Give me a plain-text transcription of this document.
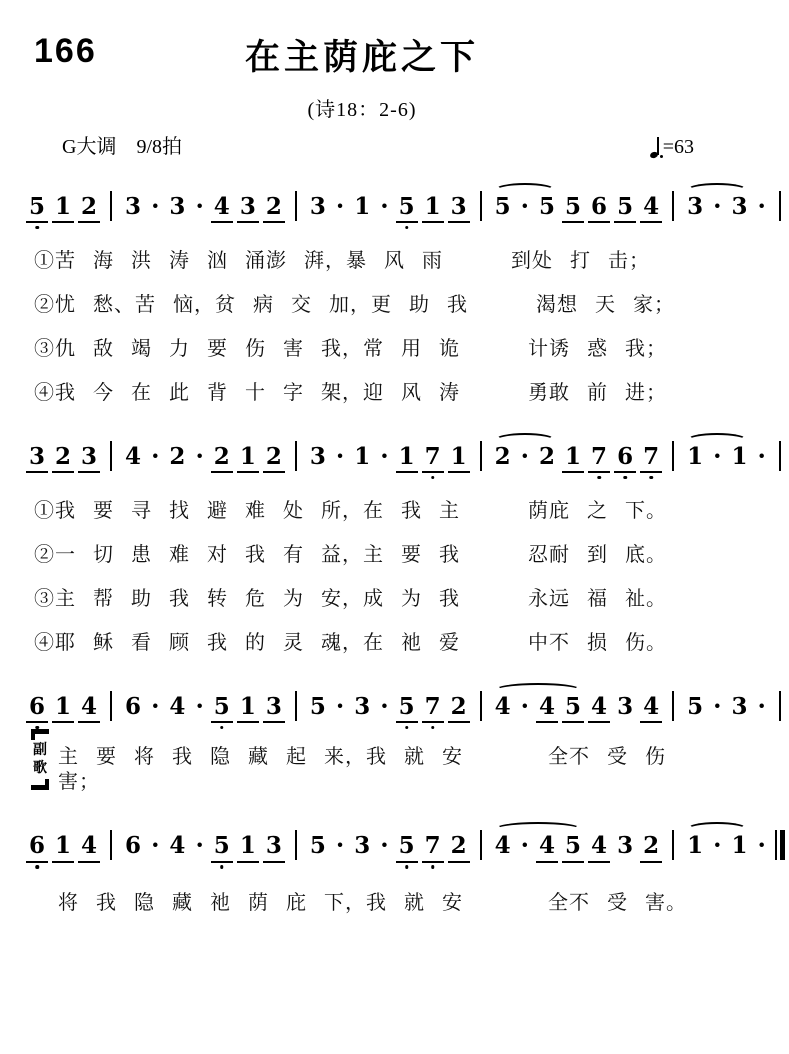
166	在主荫庇之下
(诗18：2-6)
G大调　9/8拍	=63
5 1 2 3 · 3 · 4 3 2 3 · 1 · 5 1 3 5 · 5 5 6 5 4 3 · 3 ·
①苦 海 洪 涛 汹 涌澎 湃，暴 风 雨    到处 打 击；
②忧 愁、苦 恼，贫 病 交 加，更 助 我    渴想 天 家；
③仇 敌 竭 力 要 伤 害 我，常 用 诡    计诱 惑 我；
④我 今 在 此 背 十 字 架，迎 风 涛    勇敢 前 进；
3 2 3 4 · 2 · 2 1 2 3 · 1 · 1 7 1 2 · 2 1 7 6 7 1 · 1 ·
①我 要 寻 找 避 难 处 所，在 我 主    荫庇 之 下。
②一 切 患 难 对 我 有 益，主 要 我    忍耐 到 底。
③主 帮 助 我 转 危 为 安，成 为 我    永远 福 祉。
④耶 稣 看 顾 我 的 灵 魂，在 祂 爱    中不 损 伤。
6 1 4 6 · 4 · 5 1 3 5 · 3 · 5 7 2 4 · 4 5 4 3 4 5 · 3 ·
副
歌
主 要 将 我 隐 藏 起 来，我 就 安     全不 受 伤 害；
6 1 4 6 · 4 · 5 1 3 5 · 3 · 5 7 2 4 · 4 5 4 3 2 1 · 1 ·
将 我 隐 藏 祂 荫 庇 下，我 就 安     全不 受 害。
